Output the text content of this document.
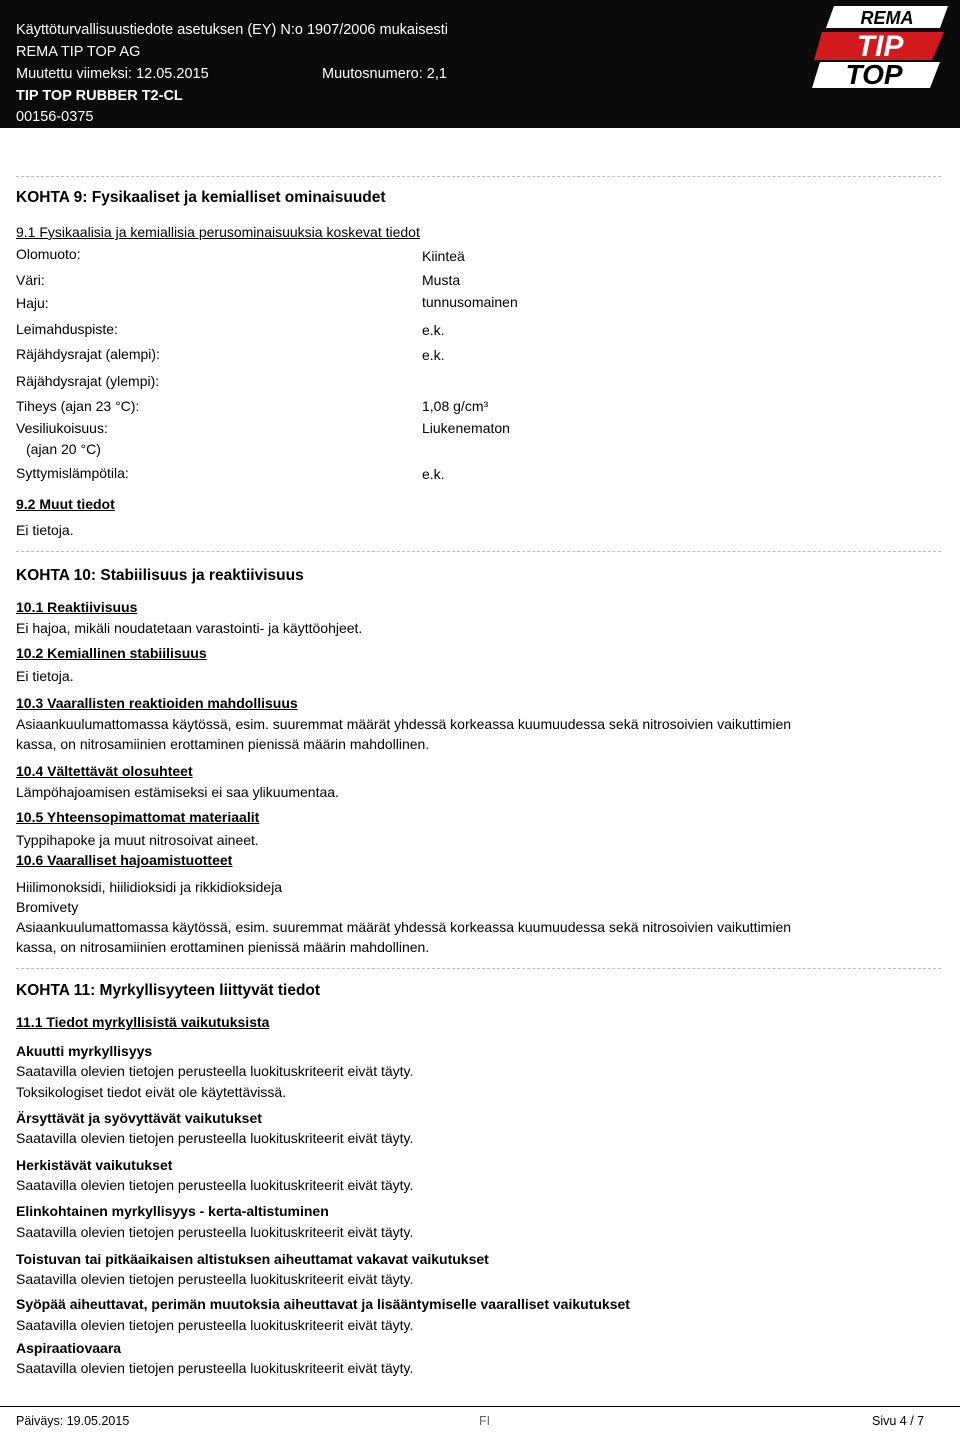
Käyttöturvallisuustiedote asetuksen (EY) N:o 1907/2006 mukaisesti
REMA TIP TOP AG
Muutettu viimeksi: 12.05.2015	Muutosnumero: 2,1
TIP TOP RUBBER T2-CL
00156-0375
REMA
TIP
TOP
KOHTA 9: Fysikaaliset ja kemialliset ominaisuudet
9.1 Fysikaalisia ja kemiallisia perusominaisuuksia koskevat tiedot
Olomuoto:	Kiinteä
Väri:	Musta
Haju:	tunnusomainen
Leimahduspiste:	e.k.
Räjähdysrajat (alempi):	e.k.
Räjähdysrajat (ylempi):
Tiheys (ajan 23 °C):	1,08 g/cm³
Vesiliukoisuus:	Liukenematon
(ajan 20 °C)
Syttymislämpötila:	e.k.
9.2 Muut tiedot
Ei tietoja.
KOHTA 10: Stabiilisuus ja reaktiivisuus
10.1 Reaktiivisuus
Ei hajoa, mikäli noudatetaan varastointi- ja käyttöohjeet.
10.2 Kemiallinen stabiilisuus
Ei tietoja.
10.3 Vaarallisten reaktioiden mahdollisuus
Asiaankuulumattomassa käytössä, esim. suuremmat määrät yhdessä korkeassa kuumuudessa sekä nitrosoivien vaikuttimien
kassa, on nitrosamiinien erottaminen pienissä määrin mahdollinen.
10.4 Vältettävät olosuhteet
Lämpöhajoamisen estämiseksi ei saa ylikuumentaa.
10.5 Yhteensopimattomat materiaalit
Typpihapoke ja muut nitrosoivat aineet.
10.6 Vaaralliset hajoamistuotteet
Hiilimonoksidi, hiilidioksidi ja rikkidioksideja
Bromivety
Asiaankuulumattomassa käytössä, esim. suuremmat määrät yhdessä korkeassa kuumuudessa sekä nitrosoivien vaikuttimien
kassa, on nitrosamiinien erottaminen pienissä määrin mahdollinen.
KOHTA 11: Myrkyllisyyteen liittyvät tiedot
11.1 Tiedot myrkyllisistä vaikutuksista
Akuutti myrkyllisyys
Saatavilla olevien tietojen perusteella luokituskriteerit eivät täyty.
Toksikologiset tiedot eivät ole käytettävissä.
Ärsyttävät ja syövyttävät vaikutukset
Saatavilla olevien tietojen perusteella luokituskriteerit eivät täyty.
Herkistävät vaikutukset
Saatavilla olevien tietojen perusteella luokituskriteerit eivät täyty.
Elinkohtainen myrkyllisyys - kerta-altistuminen
Saatavilla olevien tietojen perusteella luokituskriteerit eivät täyty.
Toistuvan tai pitkäaikaisen altistuksen aiheuttamat vakavat vaikutukset
Saatavilla olevien tietojen perusteella luokituskriteerit eivät täyty.
Syöpää aiheuttavat, perimän muutoksia aiheuttavat ja lisääntymiselle vaaralliset vaikutukset
Saatavilla olevien tietojen perusteella luokituskriteerit eivät täyty.
Aspiraatiovaara
Saatavilla olevien tietojen perusteella luokituskriteerit eivät täyty.
Päiväys: 19.05.2015	FI	Sivu 4 / 7
